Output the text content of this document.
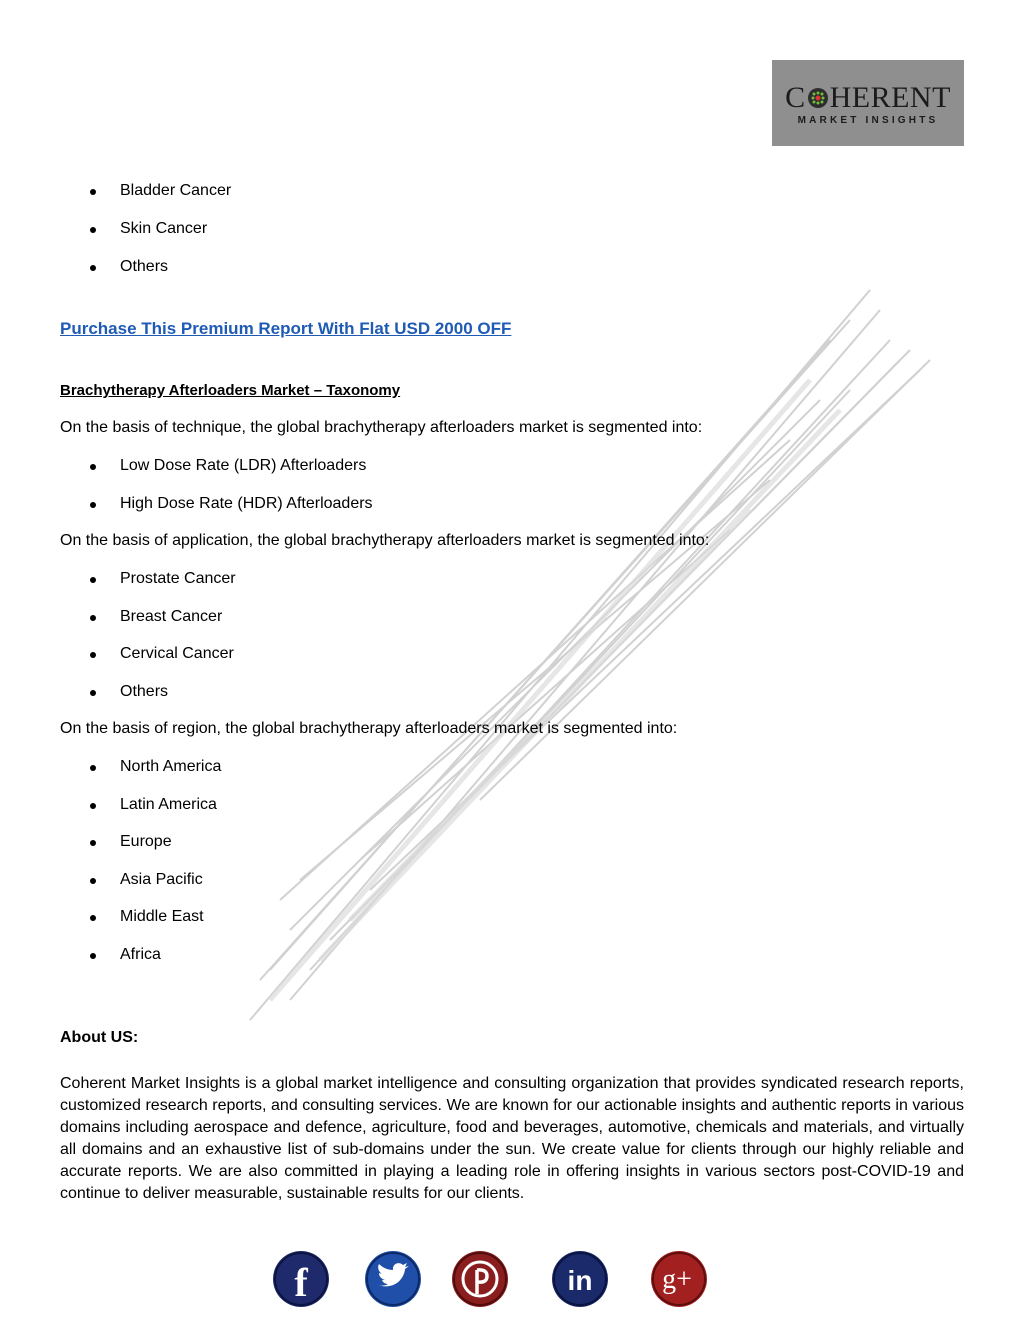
C HERENT
MARKET INSIGHTS
Bladder Cancer
Skin Cancer
Others
Purchase This Premium Report With Flat USD 2000 OFF
Brachytherapy Afterloaders Market – Taxonomy
On the basis of technique, the global brachytherapy afterloaders market is segmented into:
Low Dose Rate (LDR) Afterloaders
High Dose Rate (HDR) Afterloaders
On the basis of application, the global brachytherapy afterloaders market is segmented into:
Prostate Cancer
Breast Cancer
Cervical Cancer
Others
On the basis of region, the global brachytherapy afterloaders market is segmented into:
North America
Latin America
Europe
Asia Pacific
Middle East
Africa
About US:
Coherent Market Insights is a global market intelligence and consulting organization that provides syndicated research reports, customized research reports, and consulting services. We are known for our actionable insights and authentic reports in various domains including aerospace and defence, agriculture, food and beverages, automotive, chemicals and materials, and virtually all domains and an exhaustive list of sub-domains under the sun. We create value for clients through our highly reliable and accurate reports. We are also committed in playing a leading role in offering insights in various sectors post-COVID-19 and continue to deliver measurable, sustainable results for our clients.
f	in g+
